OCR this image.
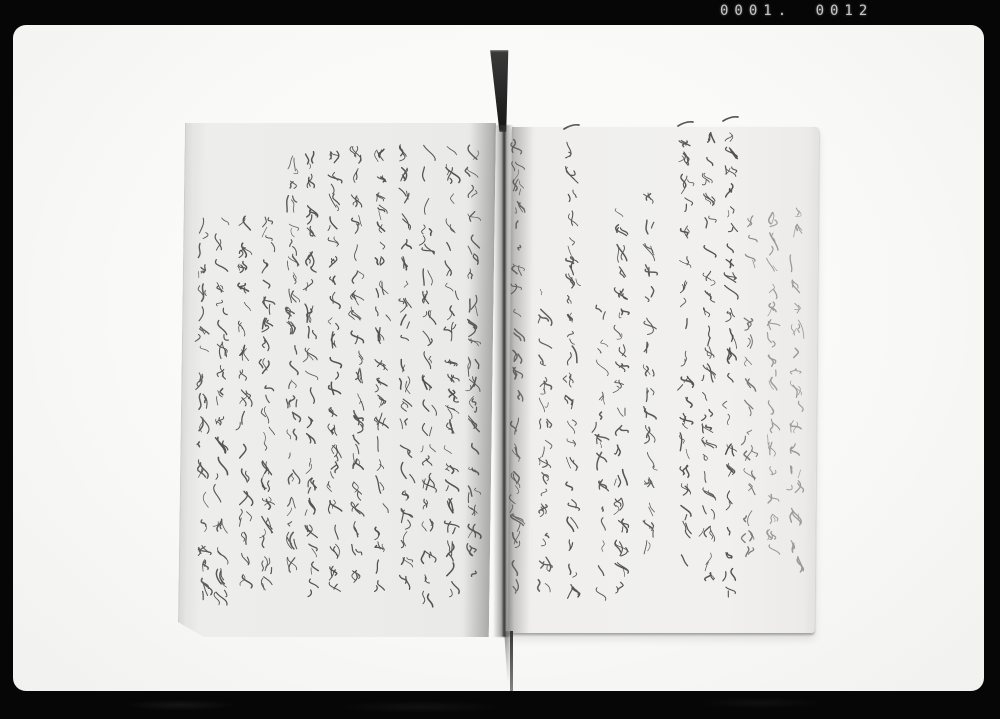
0001. 0012
